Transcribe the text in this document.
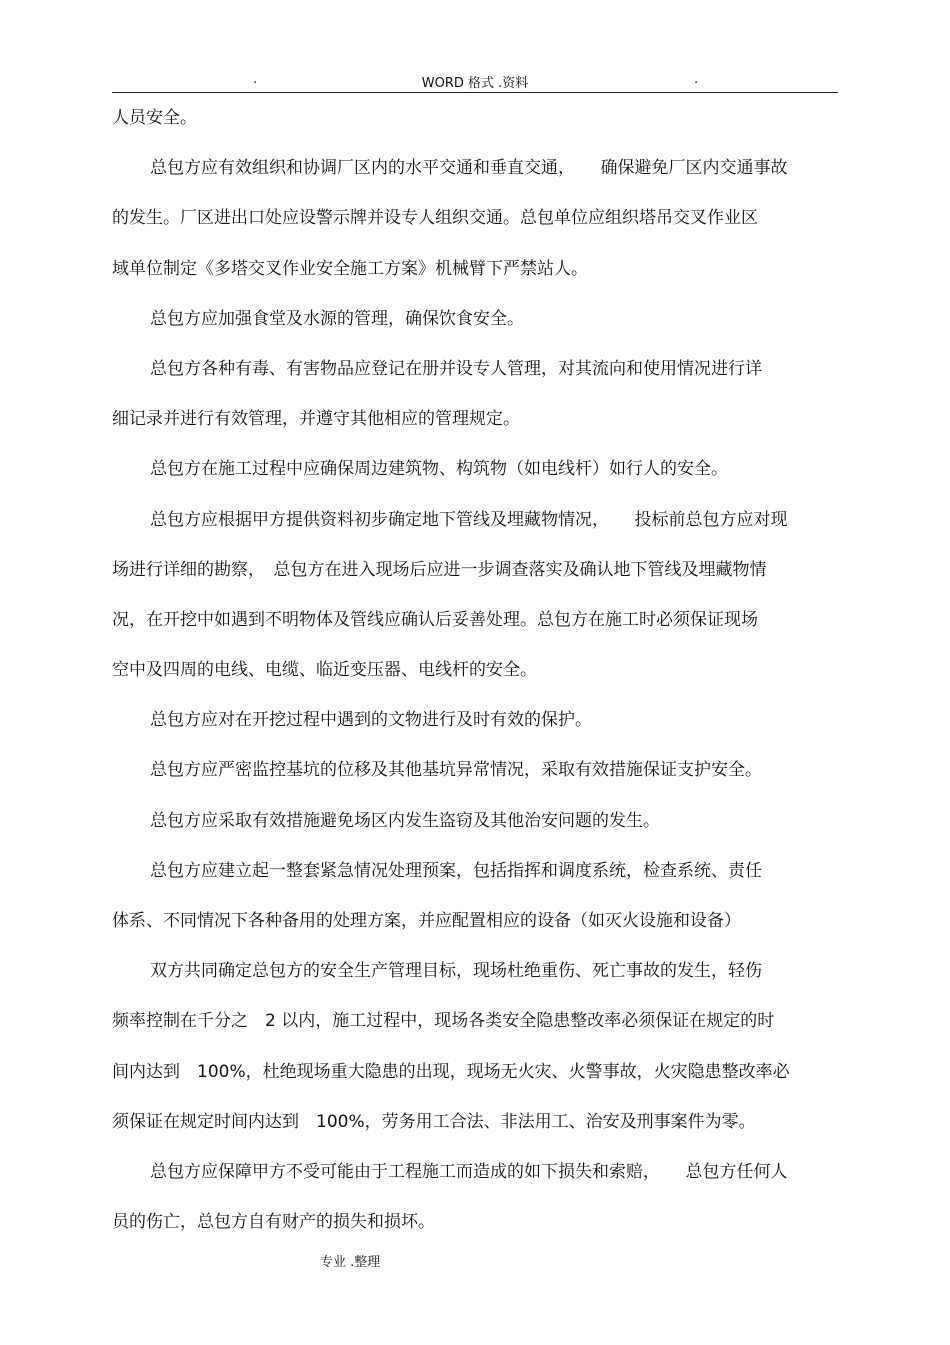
.	WORD 格式 .资料	.
人员安全。
总包方应有效组织和协调厂区内的水平交通和垂直交通，　　确保避免厂区内交通事故
的发生。厂区进出口处应设警示牌并设专人组织交通。总包单位应组织塔吊交叉作业区
域单位制定《多塔交叉作业安全施工方案》机械臂下严禁站人。
总包方应加强食堂及水源的管理，确保饮食安全。
总包方各种有毒、有害物品应登记在册并设专人管理，对其流向和使用情况进行详
细记录并进行有效管理，并遵守其他相应的管理规定。
总包方在施工过程中应确保周边建筑物、构筑物（如电线杆）如行人的安全。
总包方应根据甲方提供资料初步确定地下管线及埋藏物情况，　　投标前总包方应对现
场进行详细的勘察，　总包方在进入现场后应进一步调查落实及确认地下管线及埋藏物情
况，在开挖中如遇到不明物体及管线应确认后妥善处理。总包方在施工时必须保证现场
空中及四周的电线、电缆、临近变压器、电线杆的安全。
总包方应对在开挖过程中遇到的文物进行及时有效的保护。
总包方应严密监控基坑的位移及其他基坑异常情况，采取有效措施保证支护安全。
总包方应采取有效措施避免场区内发生盗窃及其他治安问题的发生。
总包方应建立起一整套紧急情况处理预案，包括指挥和调度系统，检查系统、责任
体系、不同情况下各种备用的处理方案，并应配置相应的设备（如灭火设施和设备）
双方共同确定总包方的安全生产管理目标，现场杜绝重伤、死亡事故的发生，轻伤
频率控制在千分之　2 以内，施工过程中，现场各类安全隐患整改率必须保证在规定的时
间内达到　100%，杜绝现场重大隐患的出现，现场无火灾、火警事故，火灾隐患整改率必
须保证在规定时间内达到　100%，劳务用工合法、非法用工、治安及刑事案件为零。
总包方应保障甲方不受可能由于工程施工而造成的如下损失和索赔，　　总包方任何人
员的伤亡，总包方自有财产的损失和损坏。
专业 .整理
